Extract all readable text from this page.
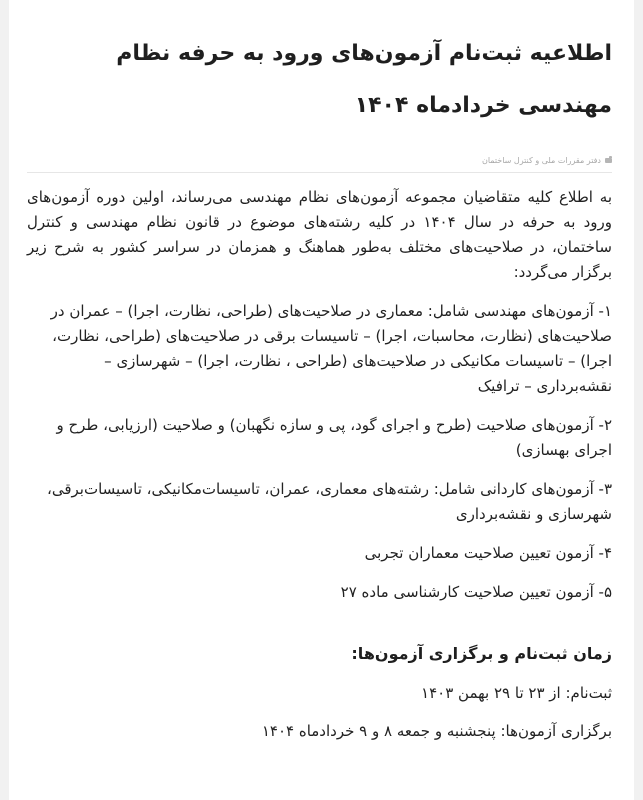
اطلاعیه ثبت‌نام آزمون‌های ورود به حرفه نظام مهندسی خردادماه ۱۴۰۴
دفتر مقررات ملی و کنترل ساختمان

به اطلاع کلیه متقاضیان مجموعه آزمون‌های نظام مهندسی می‌رساند، اولین دوره آزمون‌های ورود به حرفه در سال ۱۴۰۴ در کلیه رشته‌های موضوع در قانون نظام مهندسی و کنترل ساختمان، در صلاحیت‌های مختلف به‌طور هماهنگ و همزمان در سراسر کشور به شرح زیر برگزار می‌گردد:

۱- آزمون‌های مهندسی شامل: معماری در صلاحیت‌های (طراحی، نظارت، اجرا) – عمران در صلاحیت‌های (نظارت، محاسبات، اجرا) – تاسیسات برقی در صلاحیت‌های (طراحی، نظارت، اجرا) – تاسیسات مکانیکی در صلاحیت‌های (طراحی ، نظارت، اجرا) – شهرسازی – نقشه‌برداری – ترافیک

۲- آزمون‌های صلاحیت (طرح و اجرای گود، پی و سازه نگهبان) و صلاحیت (ارزیابی، طرح و اجرای بهسازی)

۳- آزمون‌های کاردانی شامل: رشته‌های معماری، عمران، تاسیسات‌مکانیکی، تاسیسات‌برقی، شهرسازی و نقشه‌برداری

۴- آزمون تعیین صلاحیت معماران تجربی

۵- آزمون تعیین صلاحیت کارشناسی ماده ۲۷

زمان ثبت‌نام و برگزاری آزمون‌ها:

ثبت‌نام: از ۲۳ تا ۲۹ بهمن ۱۴۰۳

برگزاری آزمون‌ها: پنجشنبه و جمعه ۸ و ۹ خردادماه ۱۴۰۴
